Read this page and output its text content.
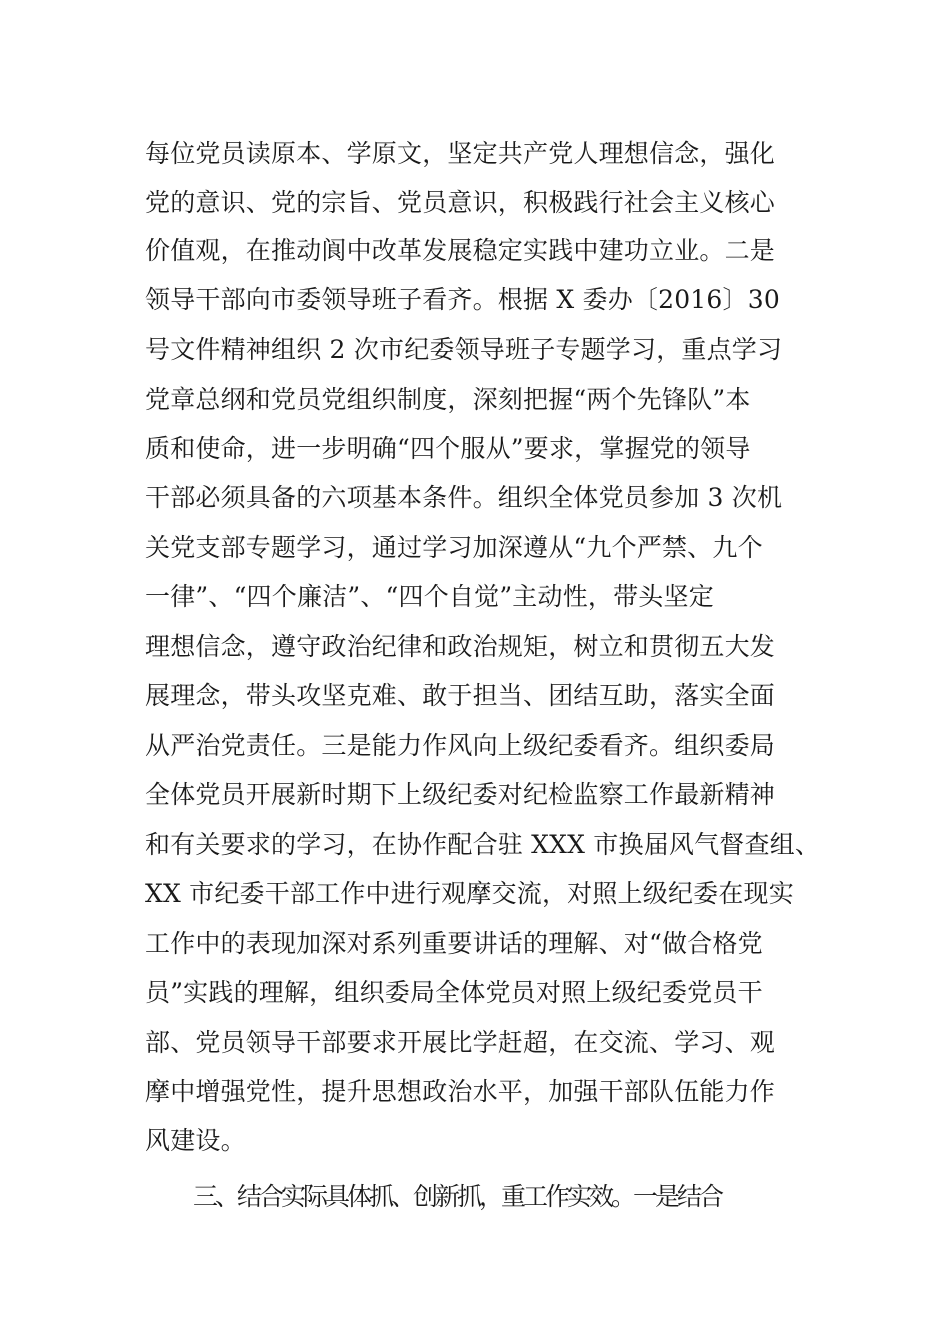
每位党员读原本、学原文，坚定共产党人理想信念，强化
党的意识、党的宗旨、党员意识，积极践行社会主义核心
价值观，在推动阆中改革发展稳定实践中建功立业。二是
领导干部向市委领导班子看齐。根据 X 委办〔2016〕30
号文件精神组织 2 次市纪委领导班子专题学习，重点学习
党章总纲和党员党组织制度，深刻把握“两个先锋队”本
质和使命，进一步明确“四个服从”要求，掌握党的领导
干部必须具备的六项基本条件。组织全体党员参加 3 次机
关党支部专题学习，通过学习加深遵从“九个严禁、九个
一律”、“四个廉洁”、“四个自觉”主动性，带头坚定
理想信念，遵守政治纪律和政治规矩，树立和贯彻五大发
展理念，带头攻坚克难、敢于担当、团结互助，落实全面
从严治党责任。三是能力作风向上级纪委看齐。组织委局
全体党员开展新时期下上级纪委对纪检监察工作最新精神
和有关要求的学习，在协作配合驻 XXX 市换届风气督查组、
XX 市纪委干部工作中进行观摩交流，对照上级纪委在现实
工作中的表现加深对系列重要讲话的理解、对“做合格党
员”实践的理解，组织委局全体党员对照上级纪委党员干
部、党员领导干部要求开展比学赶超，在交流、学习、观
摩中增强党性，提升思想政治水平，加强干部队伍能力作
风建设。
三、结合实际具体抓、创新抓，重工作实效。一是结合
